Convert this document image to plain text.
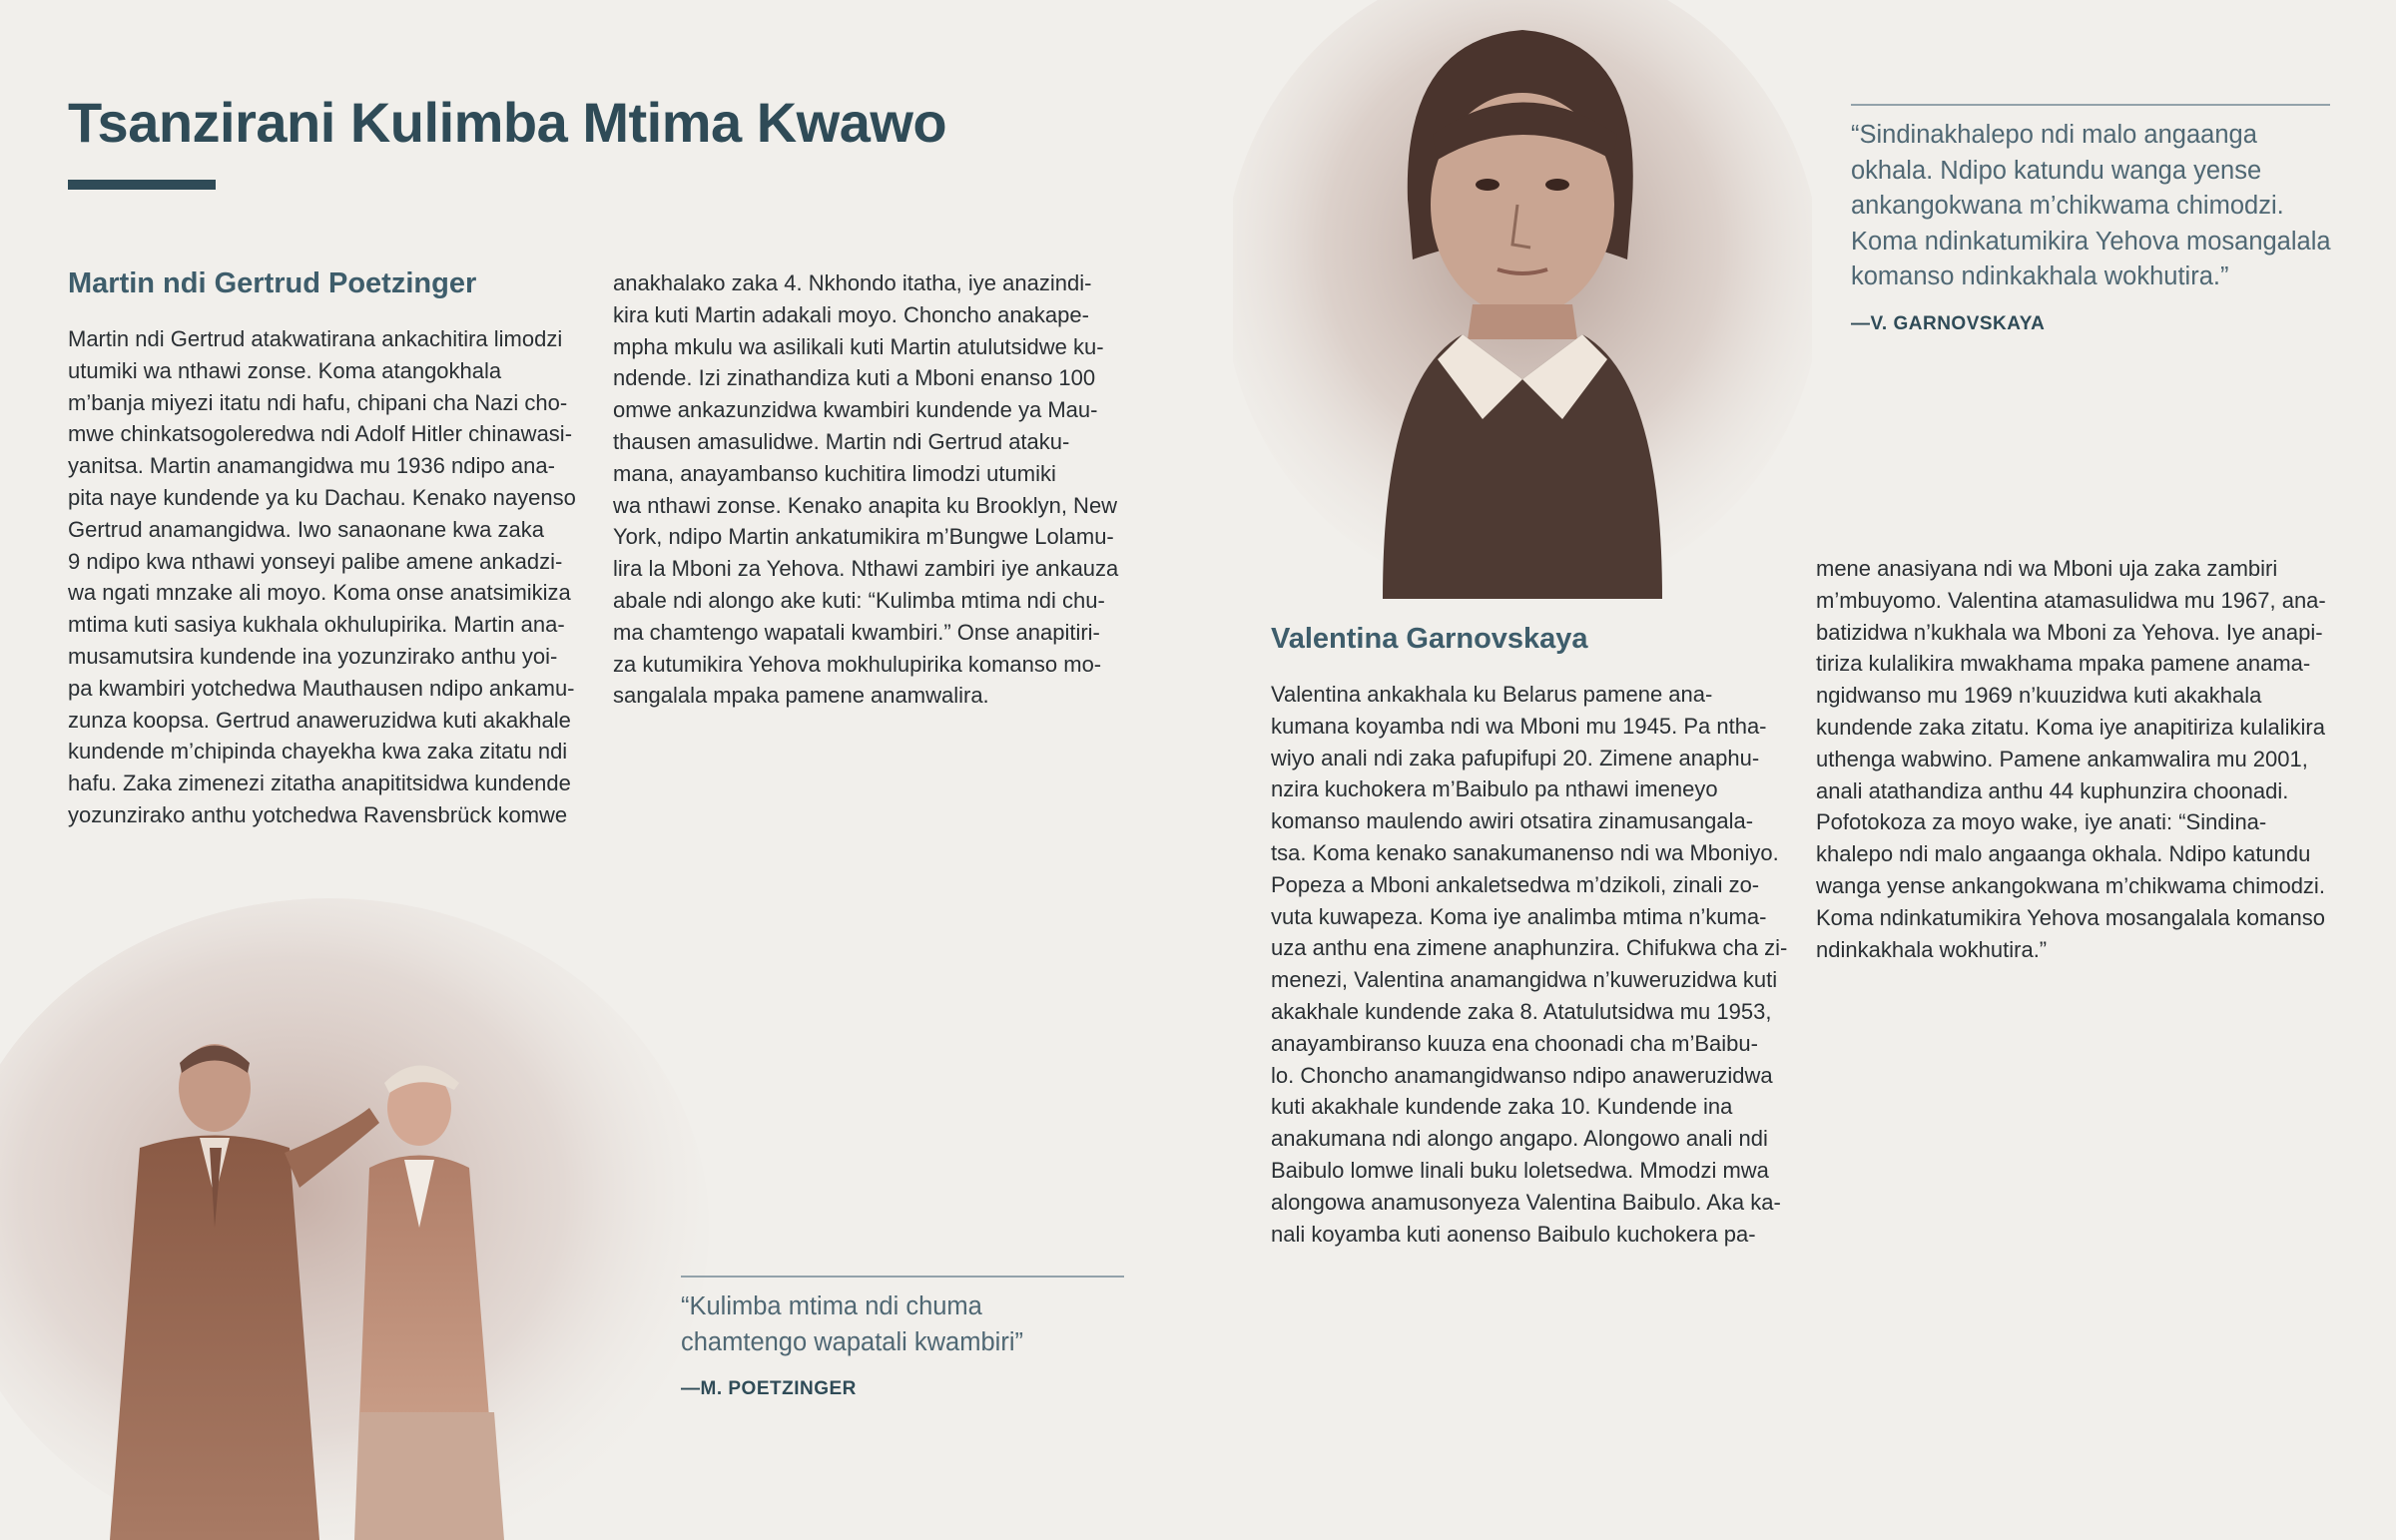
Tsanzirani Kulimba Mtima Kwawo
Martin ndi Gertrud Poetzinger

Martin ndi Gertrud atakwatirana ankachitira limodzi

utumiki wa nthawi zonse. Koma atangokhala

m’banja miyezi itatu ndi hafu, chipani cha Nazi cho-

mwe chinkatsogoleredwa ndi Adolf Hitler chinawasi-

yanitsa. Martin anamangidwa mu 1936 ndipo ana-

pita naye kundende ya ku Dachau. Kenako nayenso

Gertrud anamangidwa. Iwo sanaonane kwa zaka

9 ndipo kwa nthawi yonseyi palibe amene ankadzi-

wa ngati mnzake ali moyo. Koma onse anatsimikiza

mtima kuti sasiya kukhala okhulupirika. Martin ana-

musamutsira kundende ina yozunzirako anthu yoi-

pa kwambiri yotchedwa Mauthausen ndipo ankamu-

zunza koopsa. Gertrud anaweruzidwa kuti akakhale

kundende m’chipinda chayekha kwa zaka zitatu ndi

hafu. Zaka zimenezi zitatha anapititsidwa kundende

yozunzirako anthu yotchedwa Ravensbrück komwe

anakhalako zaka 4. Nkhondo itatha, iye anazindi-

kira kuti Martin adakali moyo. Choncho anakape-

mpha mkulu wa asilikali kuti Martin atulutsidwe ku-

ndende. Izi zinathandiza kuti a Mboni enanso 100

omwe ankazunzidwa kwambiri kundende ya Mau-

thausen amasulidwe. Martin ndi Gertrud ataku-

mana, anayambanso kuchitira limodzi utumiki

wa nthawi zonse. Kenako anapita ku Brooklyn, New

York, ndipo Martin ankatumikira m’Bungwe Lolamu-

lira la Mboni za Yehova. Nthawi zambiri iye ankauza

abale ndi alongo ake kuti: “Kulimba mtima ndi chu-

ma chamtengo wapatali kwambiri.” Onse anapitiri-

za kutumikira Yehova mokhulupirika komanso mo-

sangalala mpaka pamene anamwalira.

“Kulimba mtima ndi chuma

chamtengo wapatali kwambiri”

—M. POETZINGER

“Sindinakhalepo ndi malo angaanga

okhala. Ndipo katundu wanga yense

ankangokwana m’chikwama chimodzi.

Koma ndinkatumikira Yehova mosangalala

komanso ndinkakhala wokhutira.”

—V. GARNOVSKAYA
Valentina Garnovskaya

Valentina ankakhala ku Belarus pamene ana-

kumana koyamba ndi wa Mboni mu 1945. Pa ntha-

wiyo anali ndi zaka pafupifupi 20. Zimene anaphu-

nzira kuchokera m’Baibulo pa nthawi imeneyo

komanso maulendo awiri otsatira zinamusangala-

tsa. Koma kenako sanakumanenso ndi wa Mboniyo.

Popeza a Mboni ankaletsedwa m’dzikoli, zinali zo-

vuta kuwapeza. Koma iye analimba mtima n’kuma-

uza anthu ena zimene anaphunzira. Chifukwa cha zi-

menezi, Valentina anamangidwa n’kuweruzidwa kuti

akakhale kundende zaka 8. Atatulutsidwa mu 1953,

anayambiranso kuuza ena choonadi cha m’Baibu-

lo. Choncho anamangidwanso ndipo anaweruzidwa

kuti akakhale kundende zaka 10. Kundende ina

anakumana ndi alongo angapo. Alongowo anali ndi

Baibulo lomwe linali buku loletsedwa. Mmodzi mwa

alongowa anamusonyeza Valentina Baibulo. Aka ka-

nali koyamba kuti aonenso Baibulo kuchokera pa-

mene anasiyana ndi wa Mboni uja zaka zambiri

m’mbuyomo. Valentina atamasulidwa mu 1967, ana-

batizidwa n’kukhala wa Mboni za Yehova. Iye anapi-

tiriza kulalikira mwakhama mpaka pamene anama-

ngidwanso mu 1969 n’kuuzidwa kuti akakhala

kundende zaka zitatu. Koma iye anapitiriza kulalikira

uthenga wabwino. Pamene ankamwalira mu 2001,

anali atathandiza anthu 44 kuphunzira choonadi.

Pofotokoza za moyo wake, iye anati: “Sindina-

khalepo ndi malo angaanga okhala. Ndipo katundu

wanga yense ankangokwana m’chikwama chimodzi.

Koma ndinkatumikira Yehova mosangalala komanso

ndinkakhala wokhutira.”
